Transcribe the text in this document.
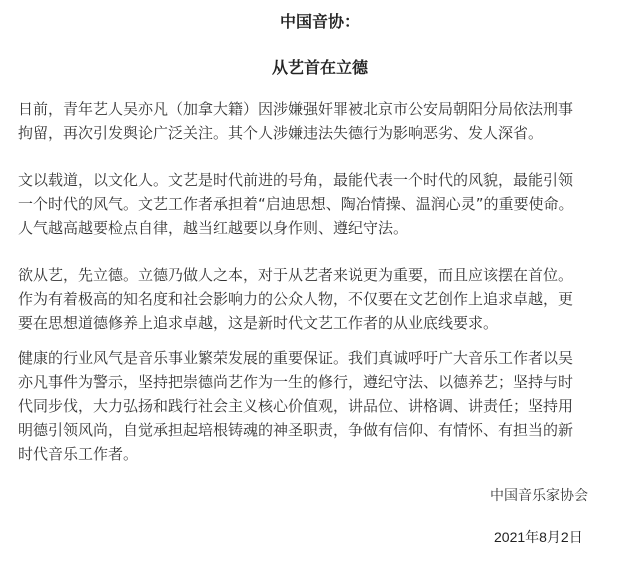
中国音协：
从艺首在立德
日前，青年艺人吴亦凡（加拿大籍）因涉嫌强奸罪被北京市公安局朝阳分局依法刑事
拘留，再次引发舆论广泛关注。其个人涉嫌违法失德行为影响恶劣、发人深省。
文以载道，以文化人。文艺是时代前进的号角，最能代表一个时代的风貌，最能引领
一个时代的风气。文艺工作者承担着“启迪思想、陶冶情操、温润心灵”的重要使命。
人气越高越要检点自律，越当红越要以身作则、遵纪守法。
欲从艺，先立德。立德乃做人之本，对于从艺者来说更为重要，而且应该摆在首位。
作为有着极高的知名度和社会影响力的公众人物，不仅要在文艺创作上追求卓越，更
要在思想道德修养上追求卓越，这是新时代文艺工作者的从业底线要求。
健康的行业风气是音乐事业繁荣发展的重要保证。我们真诚呼吁广大音乐工作者以吴
亦凡事件为警示，坚持把崇德尚艺作为一生的修行，遵纪守法、以德养艺；坚持与时
代同步伐，大力弘扬和践行社会主义核心价值观，讲品位、讲格调、讲责任；坚持用
明德引领风尚，自觉承担起培根铸魂的神圣职责，争做有信仰、有情怀、有担当的新
时代音乐工作者。
中国音乐家协会
2021年8月2日
